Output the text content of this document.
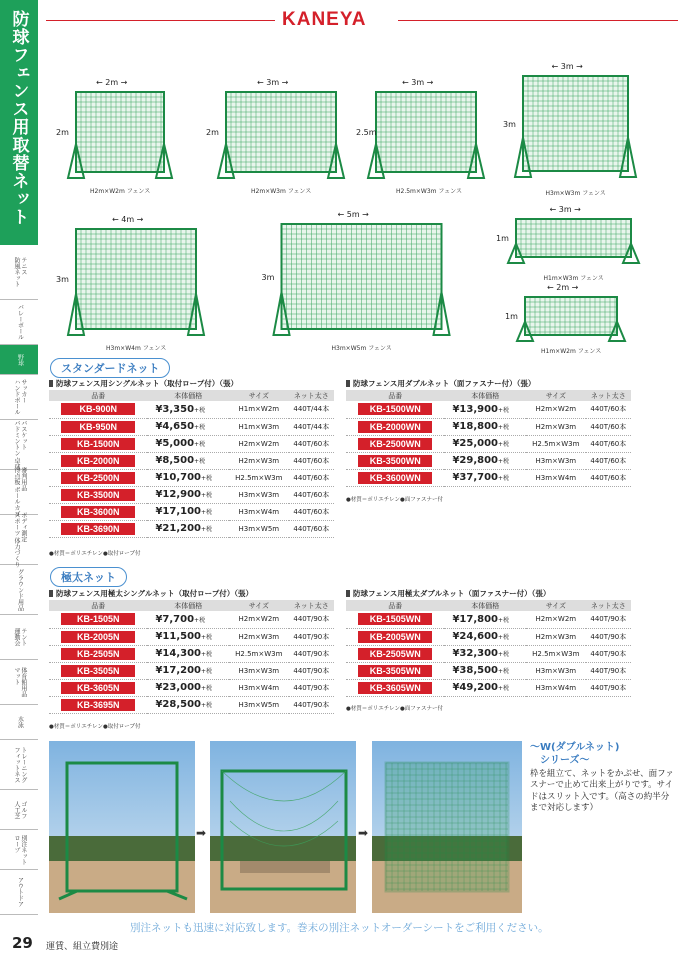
防球フェンス用取替ネット
テニス
防風ネット
バレーボール
野球
サッカー
ハンドボール
バスケット
バドミントン 卓球
審判用品
得点板 ボールカゴ
ボディ測定
スポーツ 体力づくり
グラウンド用品
テント
運動会
体育館用品
マット
水泳
トレーニング
フィットネス
ゴルフ
人工芝
別注ネット
ロープ
アウトドア
KANEYA
← 2m →
2m
H2m×W2m フェンス
← 3m →
2m
H2m×W3m フェンス
← 3m →
2.5m
H2.5m×W3m フェンス
← 3m →
3m
H3m×W3m フェンス
← 4m →
3m
H3m×W4m フェンス
← 5m →
3m
H3m×W5m フェンス
← 3m →
1m
H1m×W3m フェンス
← 2m →
1m
H1m×W2m フェンス
スタンダードネット
防球フェンス用シングルネット（取付ロープ付）（張）
品番	本体価格	サイズ	ネット太さ
KB-900N	¥3,350+税	H1m×W2m	440T/44本
KB-950N	¥4,650+税	H1m×W3m	440T/44本
KB-1500N	¥5,000+税	H2m×W2m	440T/60本
KB-2000N	¥8,500+税	H2m×W3m	440T/60本
KB-2500N	¥10,700+税	H2.5m×W3m	440T/60本
KB-3500N	¥12,900+税	H3m×W3m	440T/60本
KB-3600N	¥17,100+税	H3m×W4m	440T/60本
KB-3690N	¥21,200+税	H3m×W5m	440T/60本
●材質＝ポリエチレン●取付ロープ付
防球フェンス用ダブルネット（面ファスナー付）（張）
品番	本体価格	サイズ	ネット太さ
KB-1500WN	¥13,900+税	H2m×W2m	440T/60本
KB-2000WN	¥18,800+税	H2m×W3m	440T/60本
KB-2500WN	¥25,000+税	H2.5m×W3m	440T/60本
KB-3500WN	¥29,800+税	H3m×W3m	440T/60本
KB-3600WN	¥37,700+税	H3m×W4m	440T/60本
●材質＝ポリエチレン●面ファスナー付
極太ネット
防球フェンス用極太シングルネット（取付ロープ付）（張）
品番	本体価格	サイズ	ネット太さ
KB-1505N	¥7,700+税	H2m×W2m	440T/90本
KB-2005N	¥11,500+税	H2m×W3m	440T/90本
KB-2505N	¥14,300+税	H2.5m×W3m	440T/90本
KB-3505N	¥17,200+税	H3m×W3m	440T/90本
KB-3605N	¥23,000+税	H3m×W4m	440T/90本
KB-3695N	¥28,500+税	H3m×W5m	440T/90本
●材質＝ポリエチレン●取付ロープ付
防球フェンス用極太ダブルネット（面ファスナー付）（張）
品番	本体価格	サイズ	ネット太さ
KB-1505WN	¥17,800+税	H2m×W2m	440T/90本
KB-2005WN	¥24,600+税	H2m×W3m	440T/90本
KB-2505WN	¥32,300+税	H2.5m×W3m	440T/90本
KB-3505WN	¥38,500+税	H3m×W3m	440T/90本
KB-3605WN	¥49,200+税	H3m×W4m	440T/90本
●材質＝ポリエチレン●面ファスナー付
➡	➡
～W(ダブルネット)
　シリーズ～
枠を組立て、ネットをかぶせ、面ファスナーで止めて出来上がりです。サイドはスリット入です。（高さの約半分まで対応します）
別注ネットも迅速に対応致します。巻末の別注ネットオーダーシートをご利用ください。
29 運賃、組立費別途
